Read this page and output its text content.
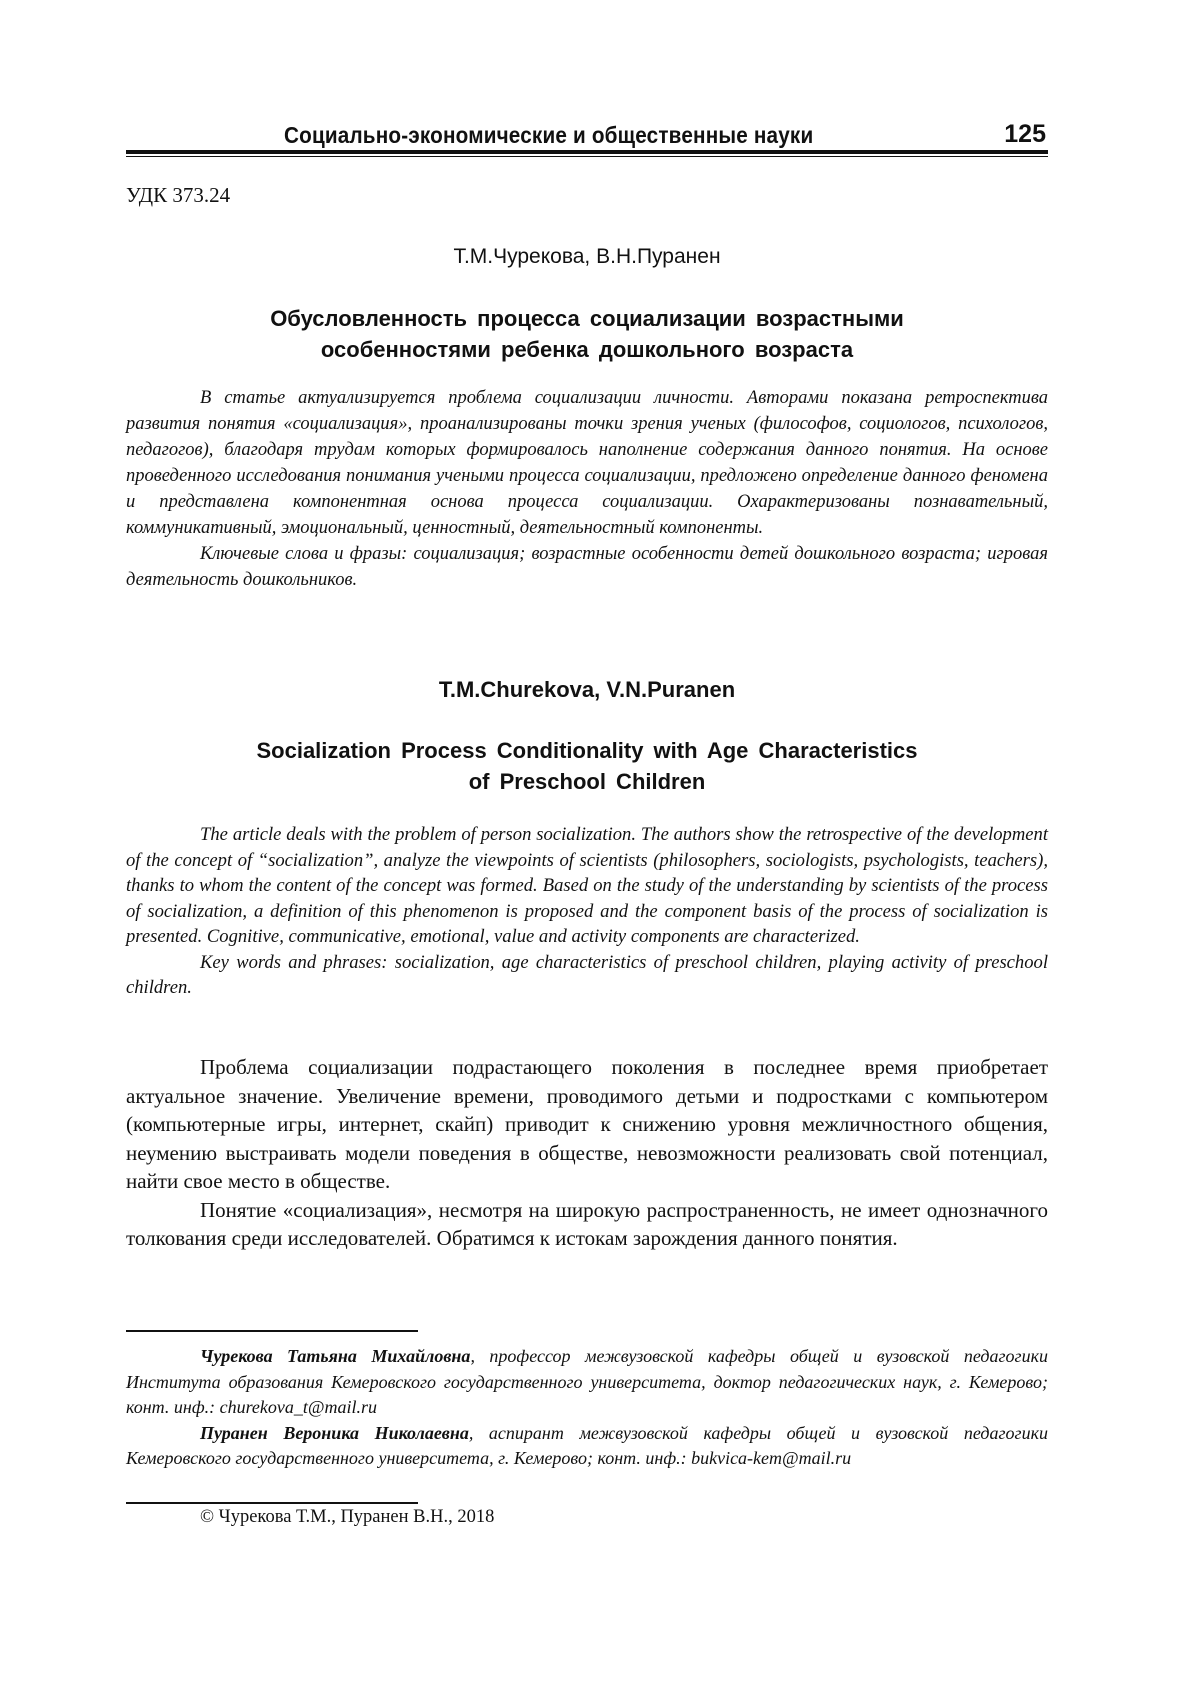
Социально-экономические и общественные науки	125
УДК 373.24
Т.М.Чурекова, В.Н.Пуранен
Обусловленность процесса социализации возрастными
особенностями ребенка дошкольного возраста

В статье актуализируется проблема социализации личности. Авторами показана ретроспектива развития понятия «социализация», проанализированы точки зрения ученых (философов, социологов, психологов, педагогов), благодаря трудам которых формировалось наполнение содержания данного понятия. На основе проведенного исследования понимания учеными процесса социализации, предложено определение данного феномена и представлена компонентная основа процесса социализации. Охарактеризованы познавательный, коммуникативный, эмоциональный, ценностный, деятельностный компоненты.

Ключевые слова и фразы: социализация; возрастные особенности детей дошкольного возраста; игровая деятельность дошкольников.

T.M.Churekova, V.N.Puranen
Socialization Process Conditionality with Age Characteristics
of Preschool Children

The article deals with the problem of person socialization. The authors show the retrospective of the development of the concept of “socialization”, analyze the viewpoints of scientists (philosophers, sociologists, psychologists, teachers), thanks to whom the content of the concept was formed. Based on the study of the understanding by scientists of the process of socialization, a definition of this phenomenon is proposed and the component basis of the process of socialization is presented. Cognitive, communicative, emotional, value and activity components are characterized.

Key words and phrases: socialization, age characteristics of preschool children, playing activity of preschool children.

Проблема социализации подрастающего поколения в последнее время приобретает актуальное значение. Увеличение времени, проводимого детьми и подростками с компьютером (компьютерные игры, интернет, скайп) приводит к снижению уровня межличностного общения, неумению выстраивать модели поведения в обществе, невозможности реализовать свой потенциал, найти свое место в обществе.

Понятие «социализация», несмотря на широкую распространенность, не имеет однозначного толкования среди исследователей. Обратимся к истокам зарождения данного понятия.

Чурекова Татьяна Михайловна, профессор межвузовской кафедры общей и вузовской педагогики Института образования Кемеровского государственного университета, доктор педагогических наук, г. Кемерово; конт. инф.: churekova_t@mail.ru

Пуранен Вероника Николаевна, аспирант межвузовской кафедры общей и вузовской педагогики Кемеровского государственного университета, г. Кемерово; конт. инф.: bukvica-kem@mail.ru

© Чурекова Т.М., Пуранен В.Н., 2018
